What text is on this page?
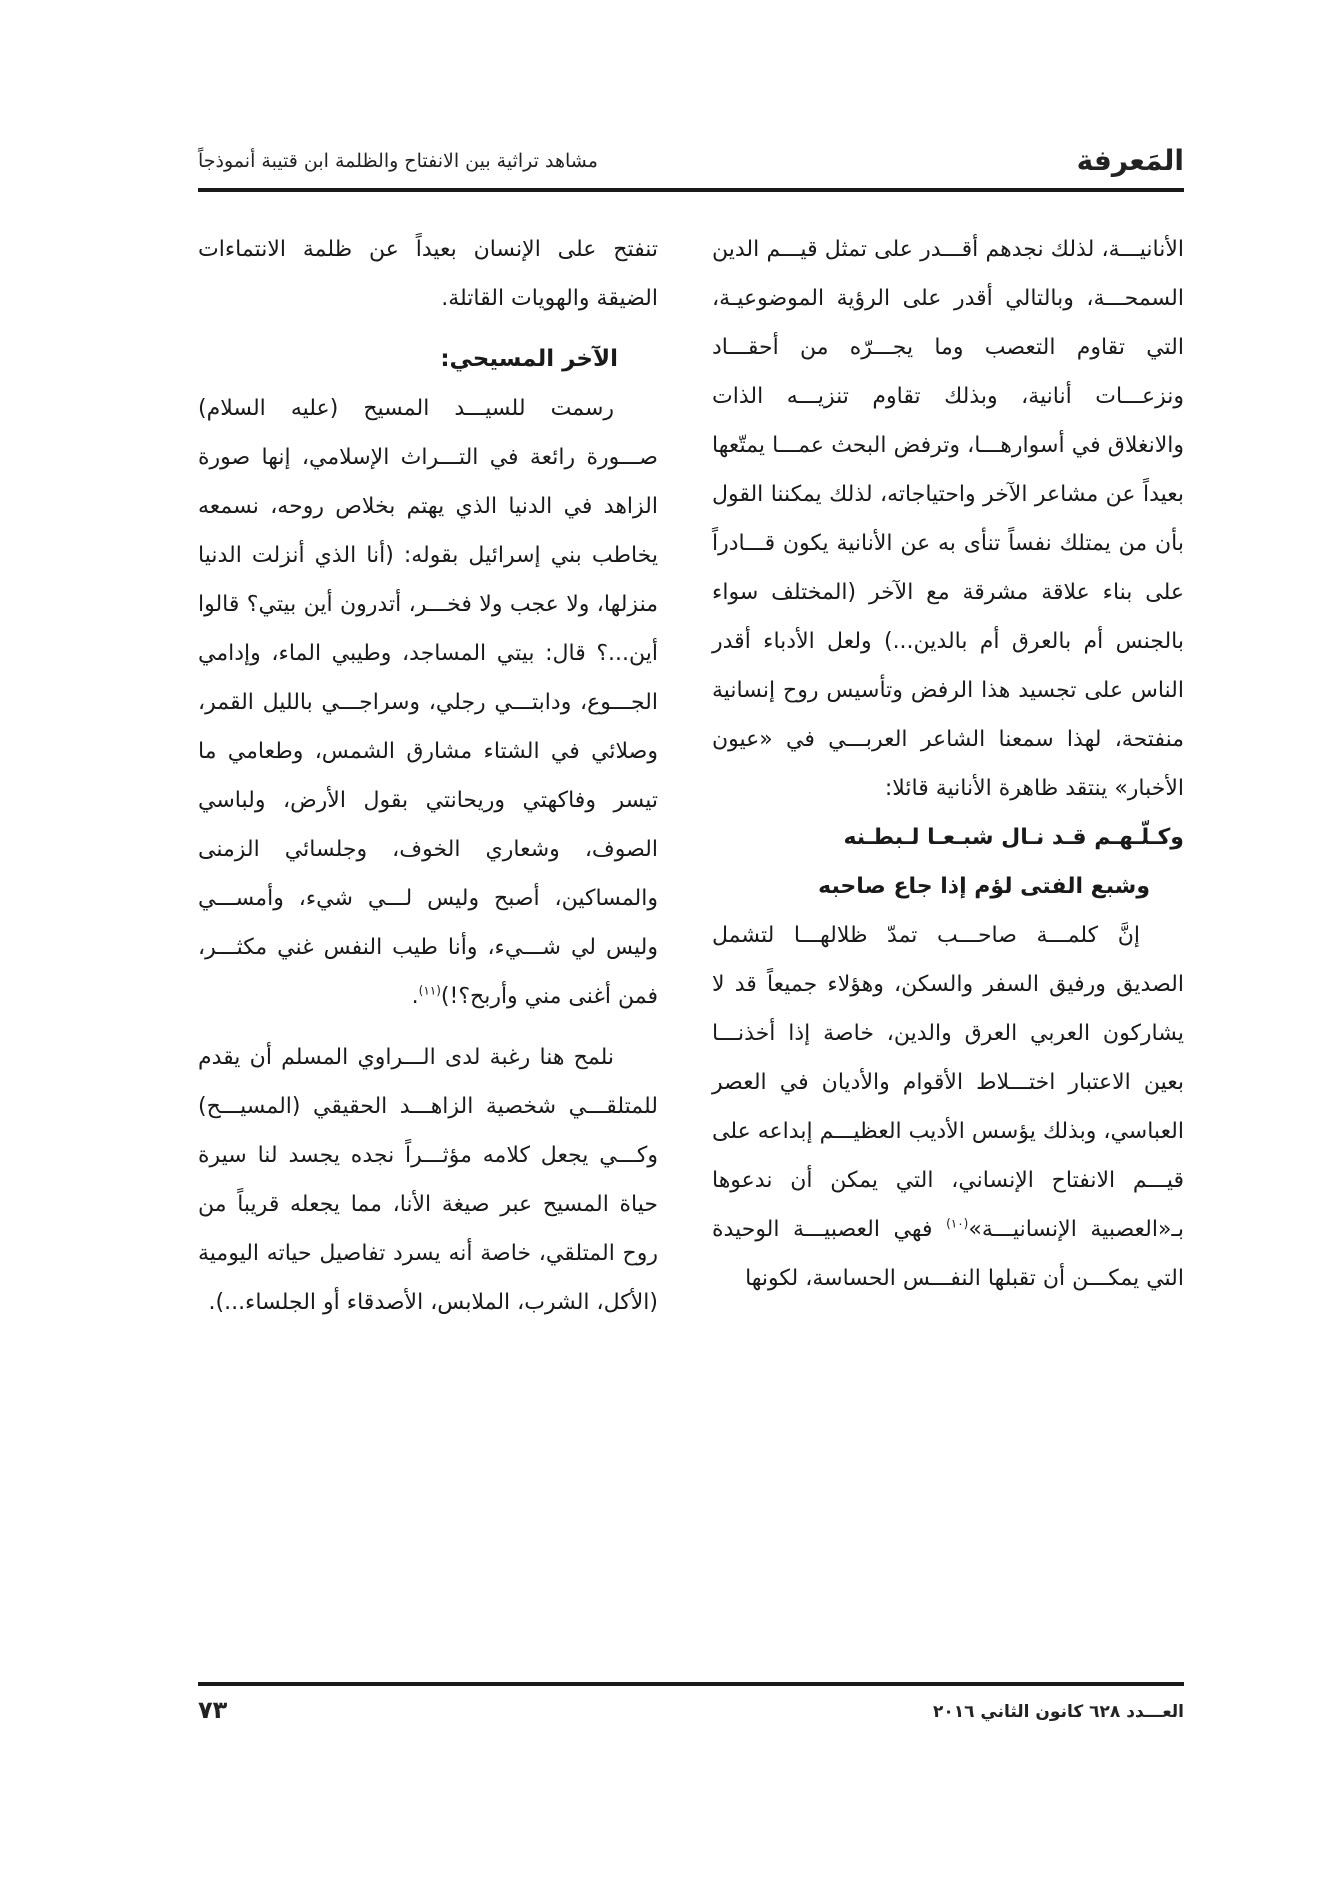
المَعرفة
مشاهد تراثية بين الانفتاح والظلمة ابن قتيبة أنموذجاً

الأنانيـــة، لذلك نجدهم أقـــدر على تمثل قيـــم الدين السمحـــة، وبالتالي أقدر على الرؤية الموضوعيـة، التي تقاوم التعصب وما يجـــرّه من أحقـــاد ونزعـــات أنانية، وبذلك تقاوم تنزيـــه الذات والانغلاق في أسوارهـــا، وترفض البحث عمـــا يمتّعها بعيداً عن مشاعر الآخر واحتياجاته، لذلك يمكننا القول بأن من يمتلك نفساً تنأى به عن الأنانية يكون قـــادراً على بناء علاقة مشرقة مع الآخر (المختلف سواء بالجنس أم بالعرق أم بالدين...) ولعل الأدباء أقدر الناس على تجسيد هذا الرفض وتأسيس روح إنسانية منفتحة، لهذا سمعنا الشاعر العربـــي في «عيون الأخبار» ينتقد ظاهرة الأنانية قائلا:

وكـلّـهـم قـد نـال شبـعـا لـبطـنه

وشبع الفتى لؤم إذا جاع صاحبه

إنَّ كلمـــة صاحـــب تمدّ ظلالهـــا لتشمل الصديق ورفيق السفر والسكن، وهؤلاء جميعاً قد لا يشاركون العربي العرق والدين، خاصة إذا أخذنـــا بعين الاعتبار اختـــلاط الأقوام والأديان في العصر العباسي، وبذلك يؤسس الأديب العظيـــم إبداعه على قيـــم الانفتاح الإنساني، التي يمكن أن ندعوها بـ«العصبية الإنسانيـــة»$^{(١٠)}$ فهي العصبيـــة الوحيدة التي يمكـــن أن تقبلها النفـــس الحساسة، لكونها

تنفتح على الإنسان بعيداً عن ظلمة الانتماءات الضيقة والهويات القاتلة.

الآخر المسيحي:

رسمت للسيـــد المسيح (عليه السلام) صـــورة رائعة في التـــراث الإسلامي، إنها صورة الزاهد في الدنيا الذي يهتم بخلاص روحه، نسمعه يخاطب بني إسرائيل بقوله: (أنا الذي أنزلت الدنيا منزلها، ولا عجب ولا فخـــر، أتدرون أين بيتي؟ قالوا أين...؟ قال: بيتي المساجد، وطيبي الماء، وإدامي الجـــوع، ودابتـــي رجلي، وسراجـــي بالليل القمر، وصلائي في الشتاء مشارق الشمس، وطعامي ما تيسر وفاكهتي وريحانتي بقول الأرض، ولباسي الصوف، وشعاري الخوف، وجلسائي الزمنى والمساكين، أصبح وليس لـــي شيء، وأمســـي وليس لي شـــيء، وأنا طيب النفس غني مكثـــر، فمن أغنى مني وأربح؟!)$^{(١١)}$.

نلمح هنا رغبة لدى الـــراوي المسلم أن يقدم للمتلقـــي شخصية الزاهـــد الحقيقي (المسيـــح) وكـــي يجعل كلامه مؤثـــراً نجده يجسد لنا سيرة حياة المسيح عبر صيغة الأنا، مما يجعله قريباً من روح المتلقي، خاصة أنه يسرد تفاصيل حياته اليومية (الأكل، الشرب، الملابس، الأصدقاء أو الجلساء...).

العـــدد ٦٢٨ كانون الثاني ٢٠١٦
٧٣
